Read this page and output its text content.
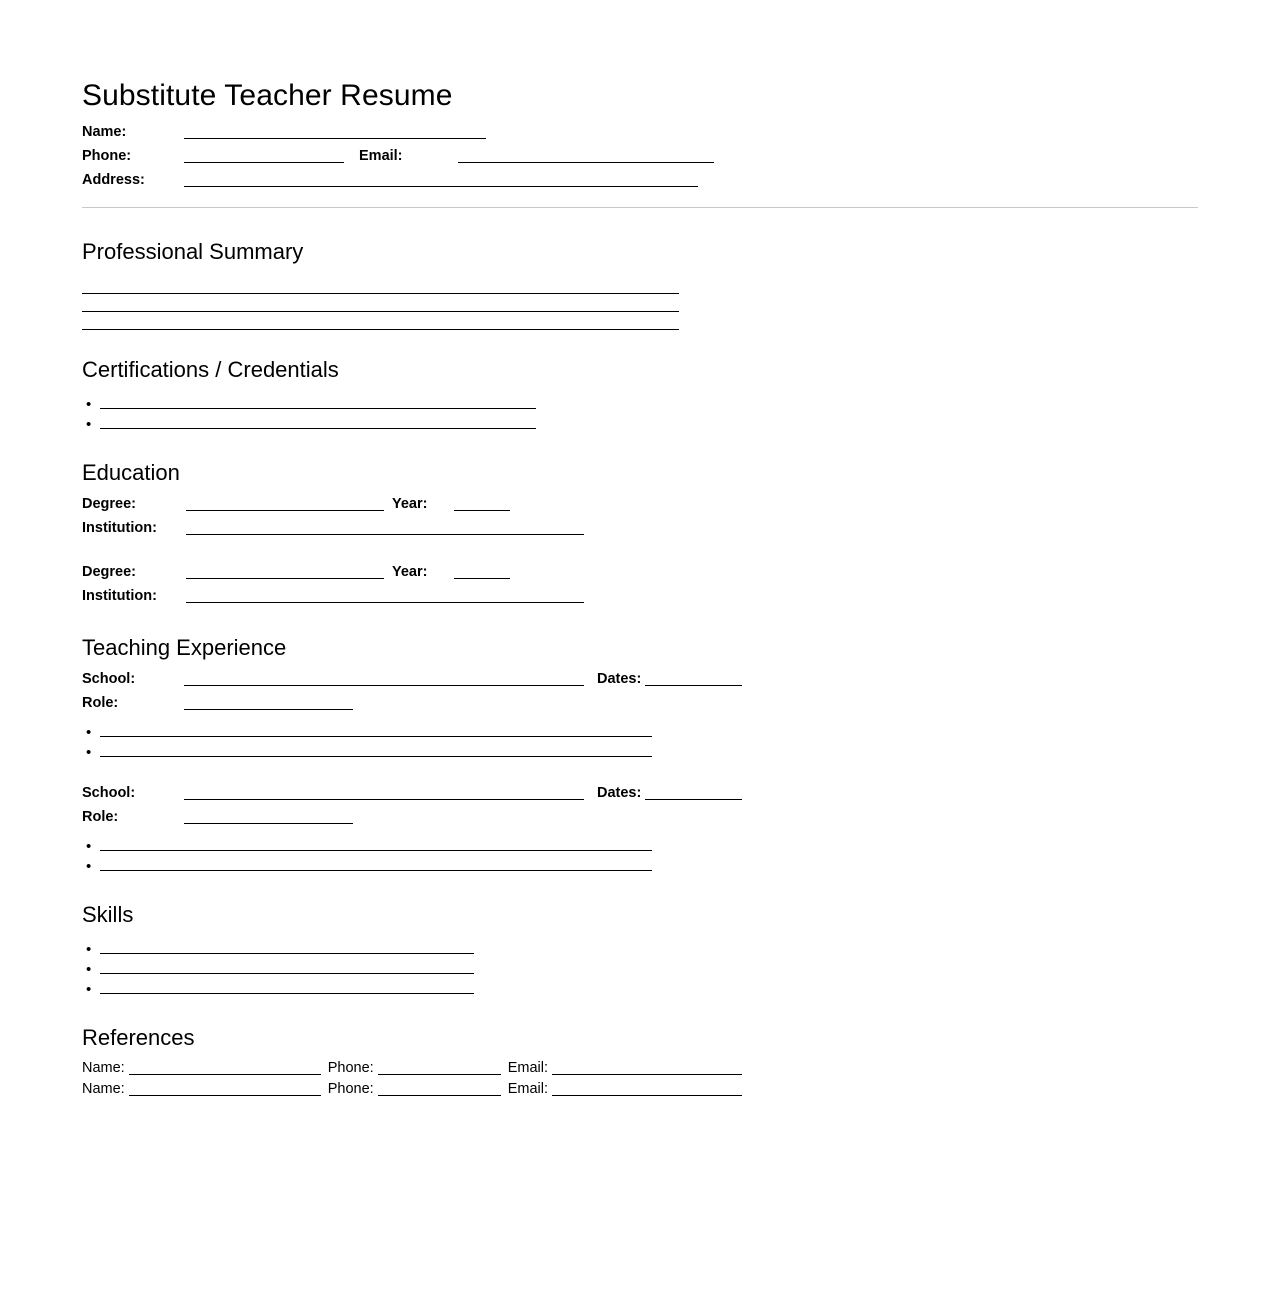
Substitute Teacher Resume
Name:
Phone:	Email:
Address:
Professional Summary
Certifications / Credentials
•
•
Education
Degree:	Year:
Institution:
Degree:	Year:
Institution:
Teaching Experience
School:	Dates:
Role:
•
•
School:	Dates:
Role:
•
•
Skills
•
•
•
References
Name:	Phone:	Email:
Name:	Phone:	Email:
